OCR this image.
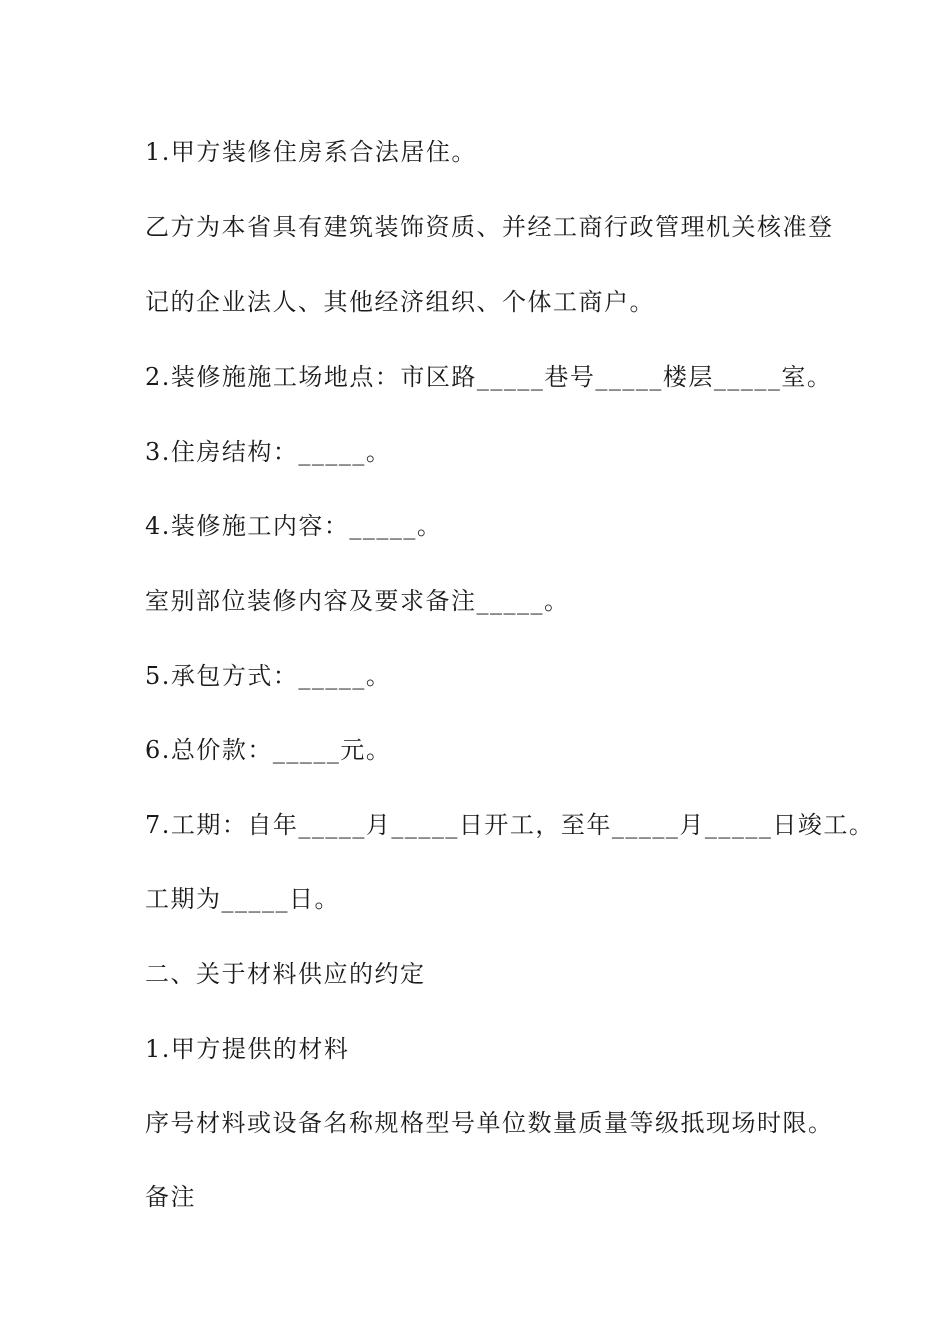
1.甲方装修住房系合法居住。

乙方为本省具有建筑装饰资质、并经工商行政管理机关核准登

记的企业法人、其他经济组织、个体工商户。

2.装修施施工场地点：市区路_____巷号_____楼层_____室。

3.住房结构：_____。

4.装修施工内容：_____。

室别部位装修内容及要求备注_____。

5.承包方式：_____。

6.总价款：_____元。

7.工期：自年_____月_____日开工，至年_____月_____日竣工。

工期为_____日。

二、关于材料供应的约定

1.甲方提供的材料

序号材料或设备名称规格型号单位数量质量等级抵现场时限。

备注
